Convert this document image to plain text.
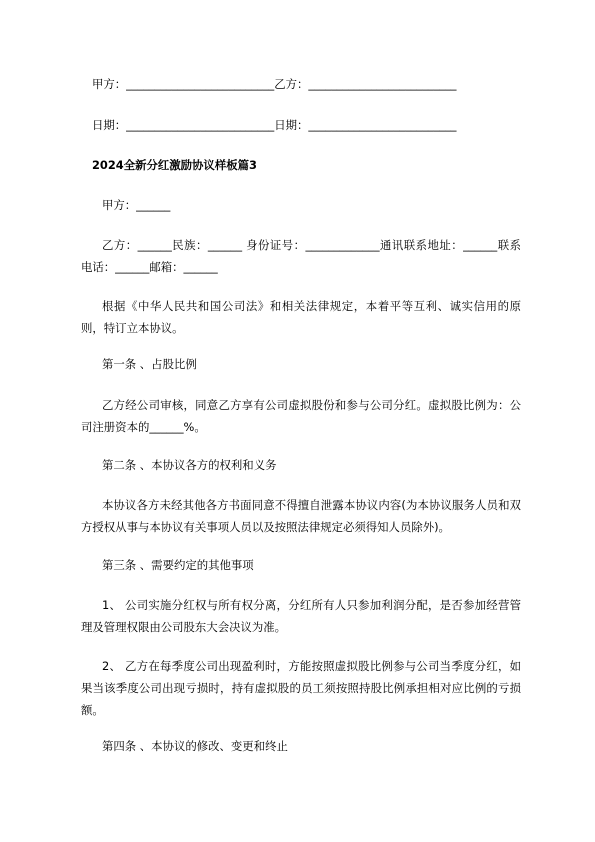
甲方：__________________________乙方：__________________________
日期：__________________________日期：__________________________
2024全新分红激励协议样板篇3
甲方：______
乙方：______民族：______ 身份证号：_____________通讯联系地址：______联系电话：______邮箱：______
根据《中华人民共和国公司法》和相关法律规定，本着平等互利、诚实信用的原则，特订立本协议。
第一条 、占股比例
乙方经公司审核，同意乙方享有公司虚拟股份和参与公司分红。虚拟股比例为：公司注册资本的______%。
第二条 、本协议各方的权利和义务
本协议各方未经其他各方书面同意不得擅自泄露本协议内容(为本协议服务人员和双方授权从事与本协议有关事项人员以及按照法律规定必须得知人员除外)。
第三条 、需要约定的其他事项
1、 公司实施分红权与所有权分离，分红所有人只参加利润分配，是否参加经营管理及管理权限由公司股东大会决议为准。
2、 乙方在每季度公司出现盈利时，方能按照虚拟股比例参与公司当季度分红，如果当该季度公司出现亏损时，持有虚拟股的员工须按照持股比例承担相对应比例的亏损额。
第四条 、本协议的修改、变更和终止
